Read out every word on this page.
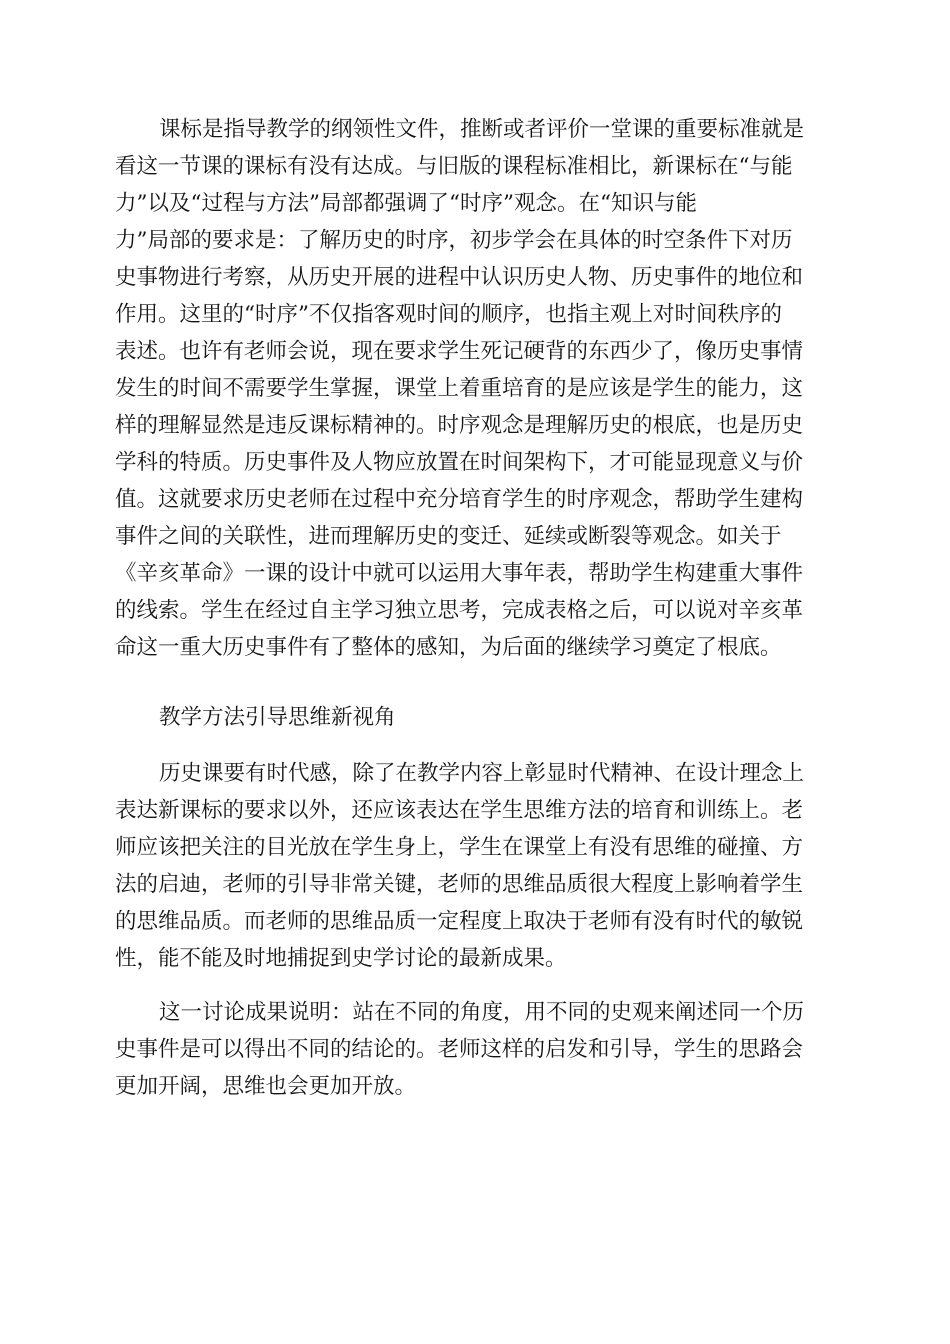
课标是指导教学的纲领性文件，推断或者评价一堂课的重要标准就是
看这一节课的课标有没有达成。与旧版的课程标准相比，新课标在“与能
力”以及“过程与方法”局部都强调了“时序”观念。在“知识与能
力”局部的要求是：了解历史的时序，初步学会在具体的时空条件下对历
史事物进行考察，从历史开展的进程中认识历史人物、历史事件的地位和
作用。这里的“时序”不仅指客观时间的顺序，也指主观上对时间秩序的
表述。也许有老师会说，现在要求学生死记硬背的东西少了，像历史事情
发生的时间不需要学生掌握，课堂上着重培育的是应该是学生的能力，这
样的理解显然是违反课标精神的。时序观念是理解历史的根底，也是历史
学科的特质。历史事件及人物应放置在时间架构下，才可能显现意义与价
值。这就要求历史老师在过程中充分培育学生的时序观念，帮助学生建构
事件之间的关联性，进而理解历史的变迁、延续或断裂等观念。如关于
《辛亥革命》一课的设计中就可以运用大事年表，帮助学生构建重大事件
的线索。学生在经过自主学习独立思考，完成表格之后，可以说对辛亥革
命这一重大历史事件有了整体的感知，为后面的继续学习奠定了根底。
教学方法引导思维新视角
历史课要有时代感，除了在教学内容上彰显时代精神、在设计理念上
表达新课标的要求以外，还应该表达在学生思维方法的培育和训练上。老
师应该把关注的目光放在学生身上，学生在课堂上有没有思维的碰撞、方
法的启迪，老师的引导非常关键，老师的思维品质很大程度上影响着学生
的思维品质。而老师的思维品质一定程度上取决于老师有没有时代的敏锐
性，能不能及时地捕捉到史学讨论的最新成果。
这一讨论成果说明：站在不同的角度，用不同的史观来阐述同一个历
史事件是可以得出不同的结论的。老师这样的启发和引导，学生的思路会
更加开阔，思维也会更加开放。
